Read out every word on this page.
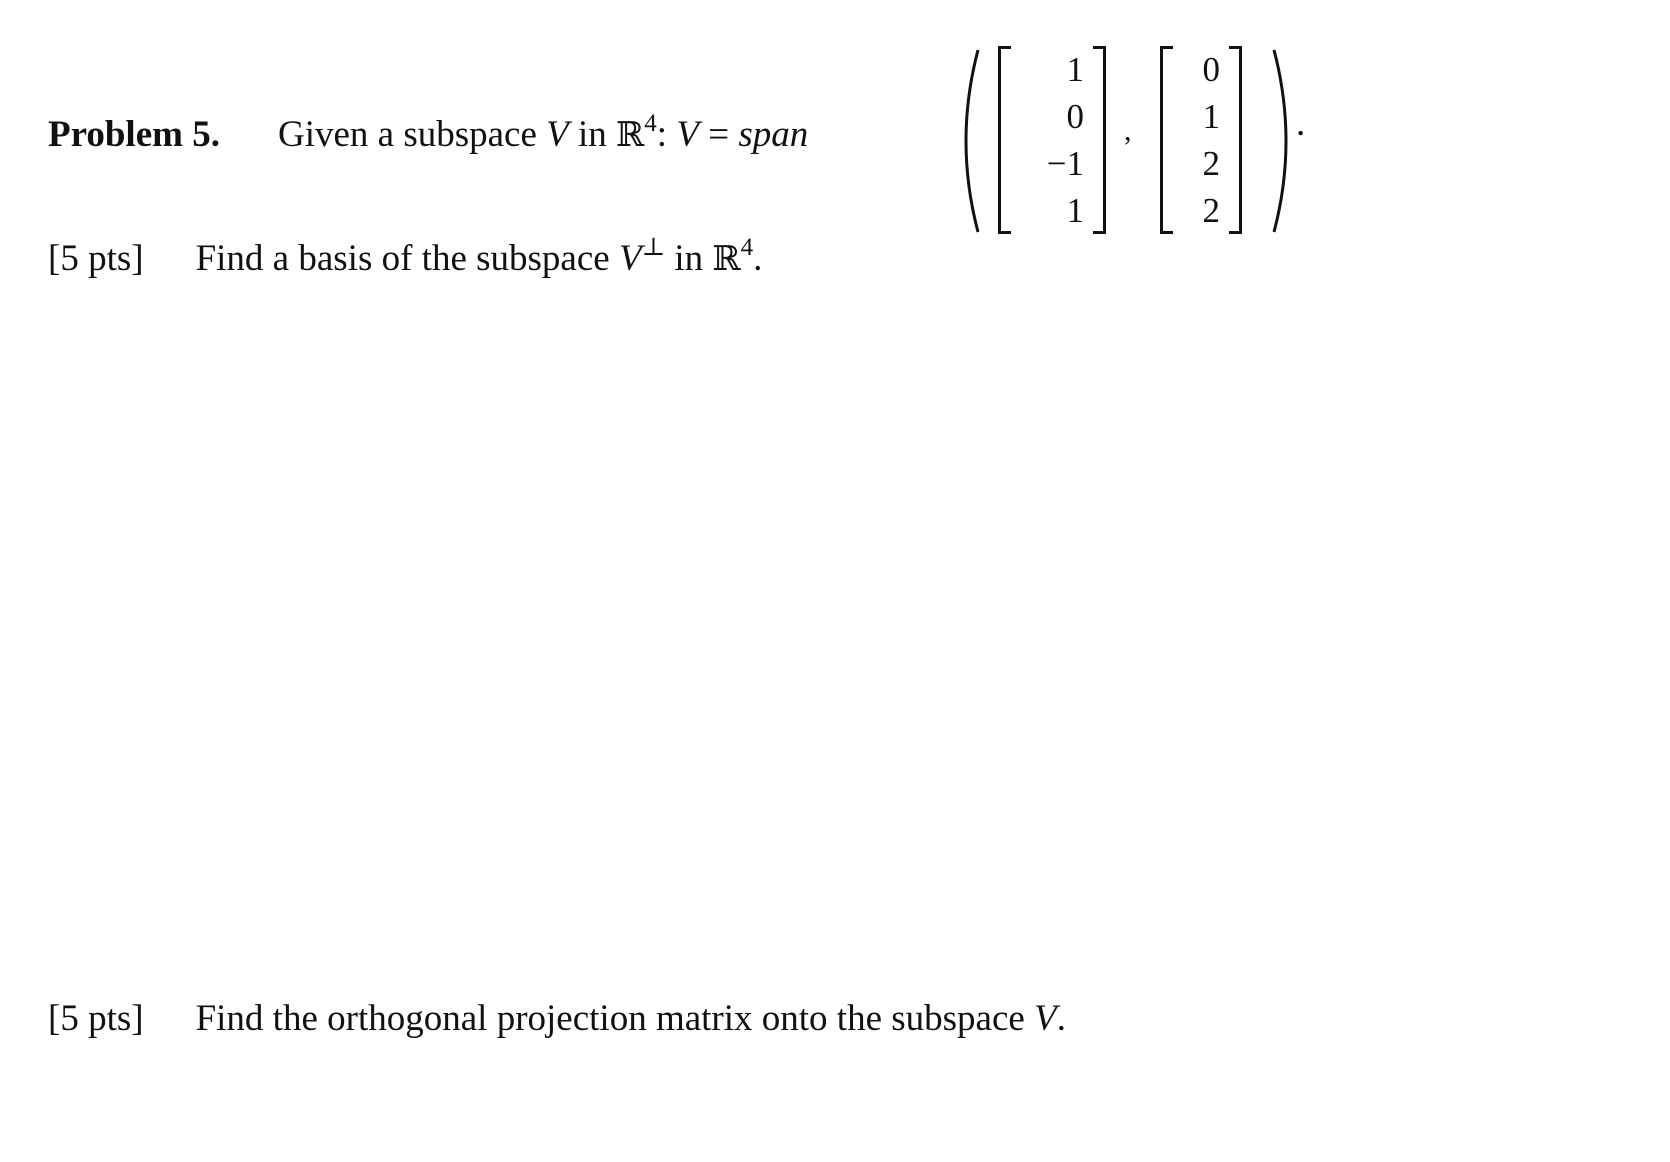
Problem 5. Given a subspace V in ℝ$^4$: V = span
1
0
−1
1
,
0
1
2
2
.
[5 pts] Find a basis of the subspace V⊥ in ℝ$^4$.
[5 pts] Find the orthogonal projection matrix onto the subspace V.
